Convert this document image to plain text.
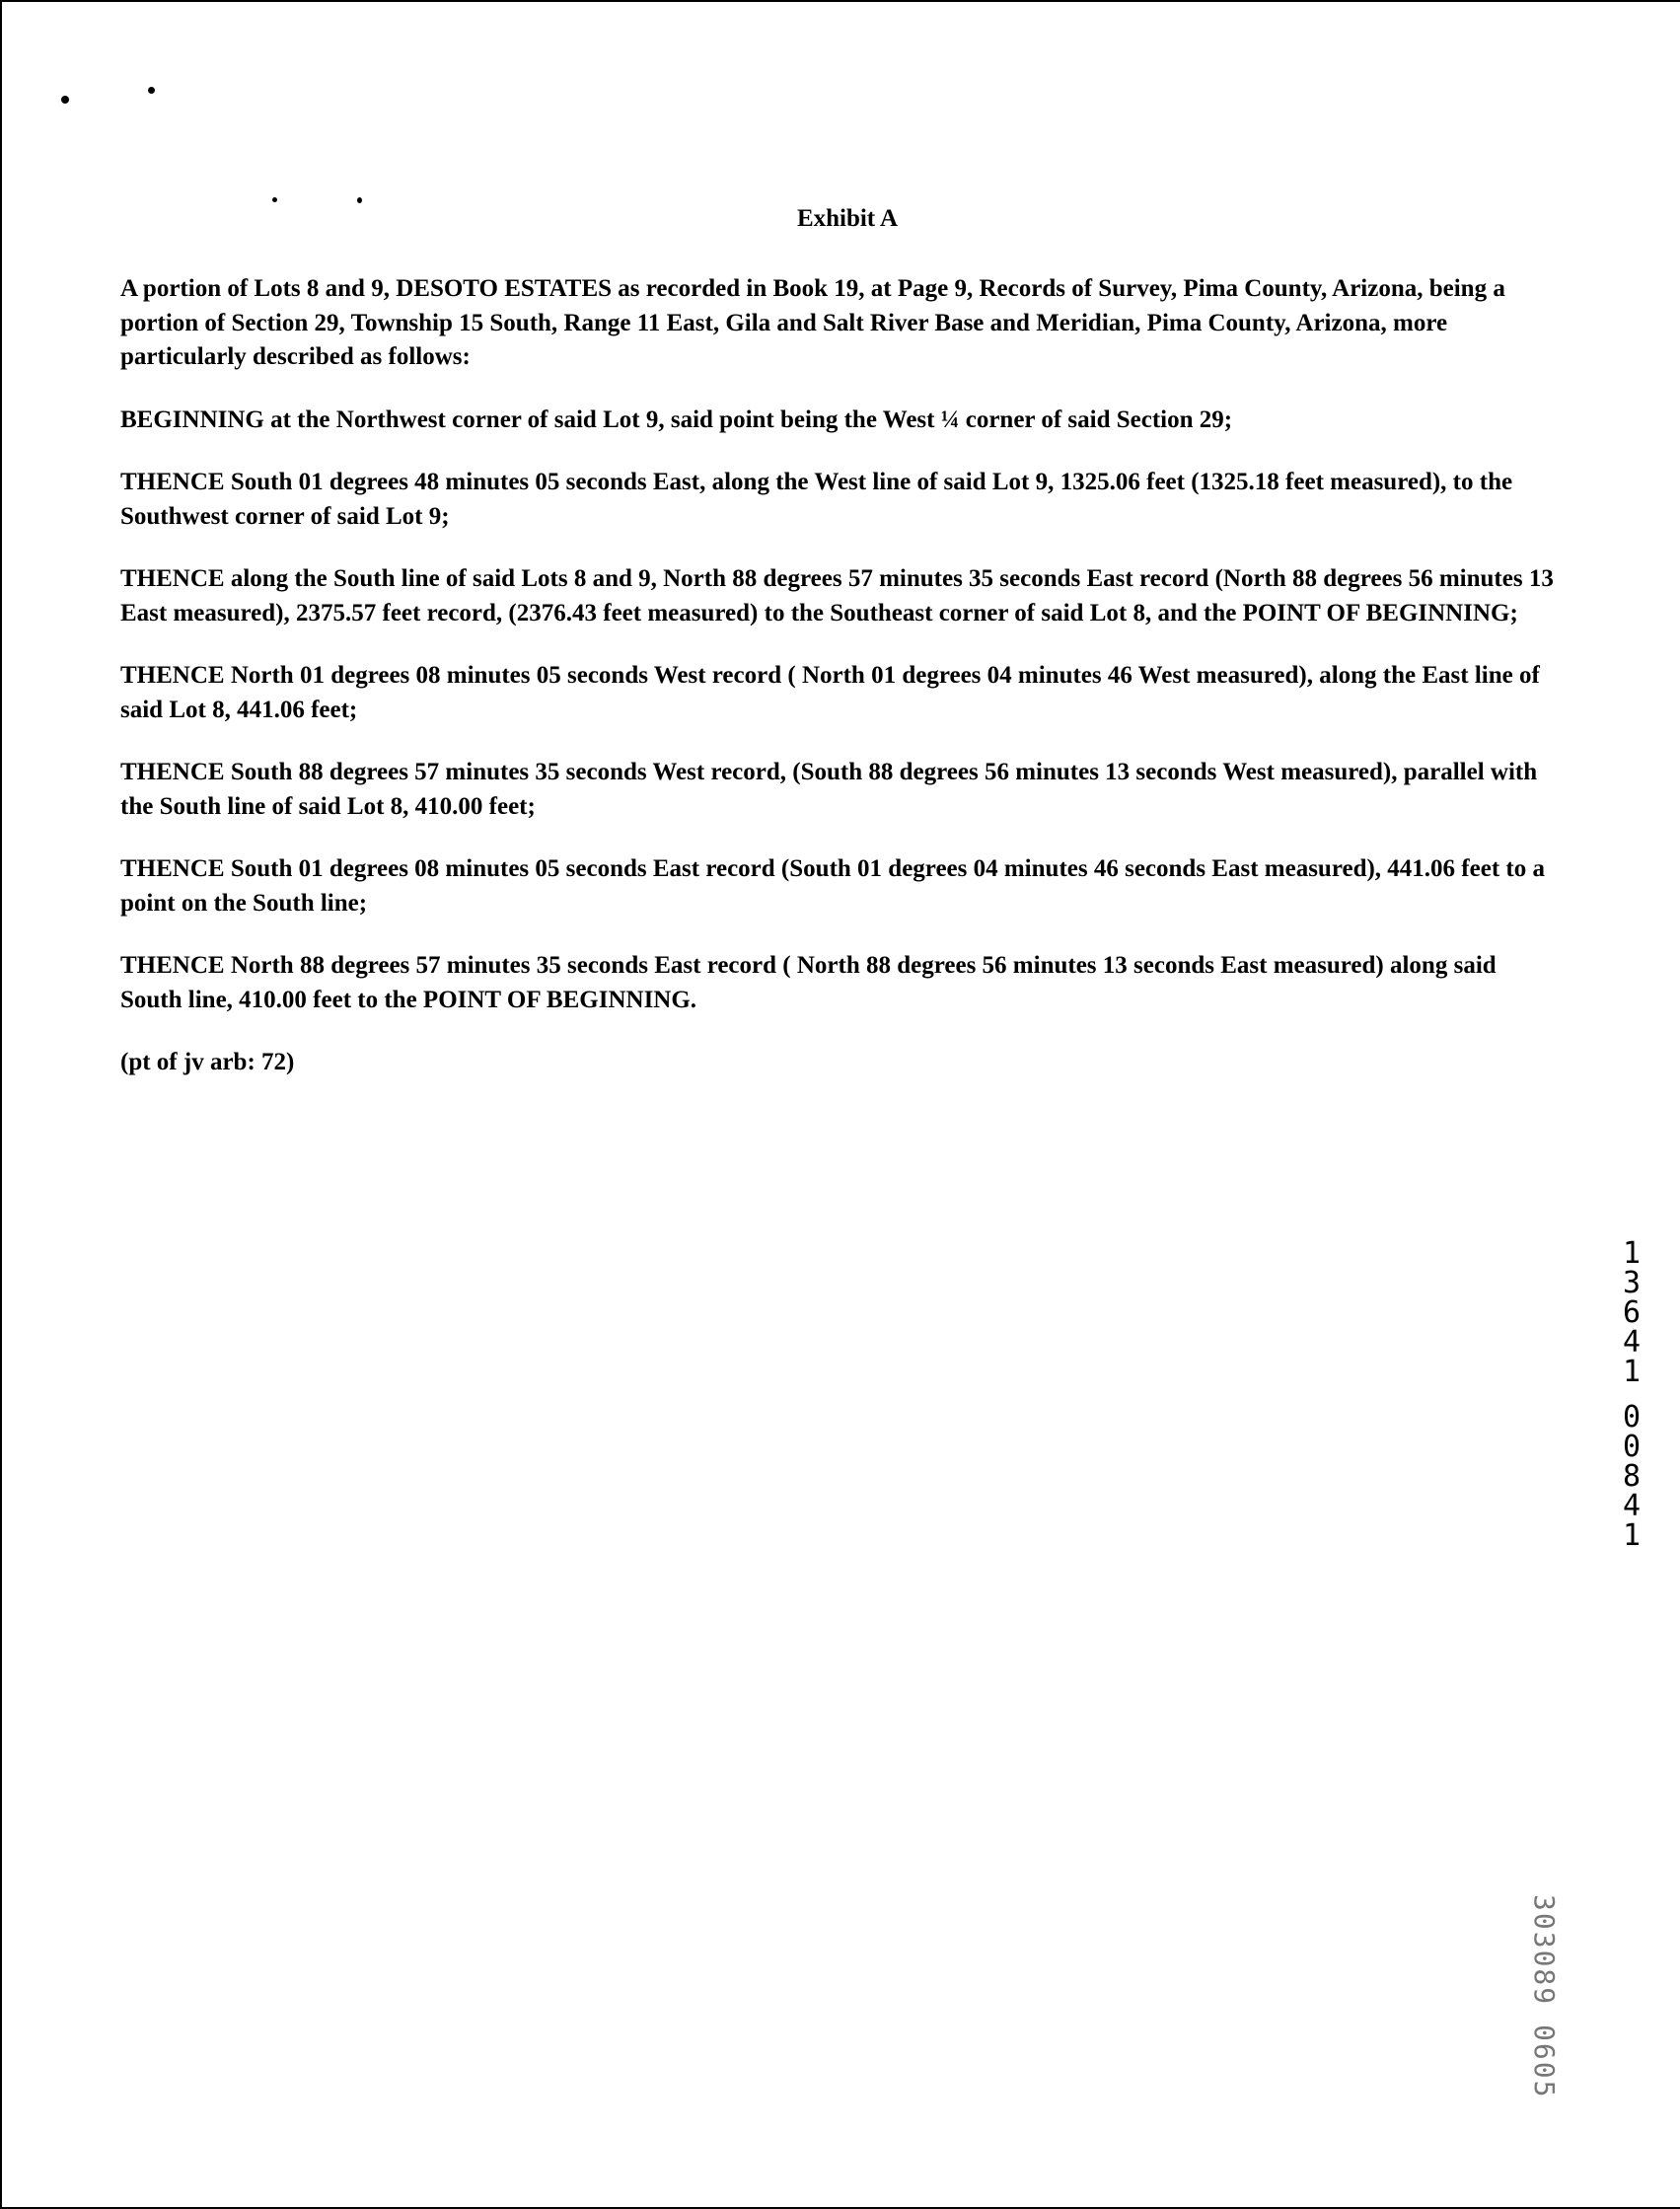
Exhibit A

A portion of Lots 8 and 9, DESOTO ESTATES as recorded in Book 19, at Page 9, Records of Survey, Pima County, Arizona, being a portion of Section 29, Township 15 South, Range 11 East, Gila and Salt River Base and Meridian, Pima County, Arizona, more particularly described as follows:

BEGINNING at the Northwest corner of said Lot 9, said point being the West ¼ corner of said Section 29;

THENCE South 01 degrees 48 minutes 05 seconds East, along the West line of said Lot 9, 1325.06 feet (1325.18 feet measured), to the Southwest corner of said Lot 9;

THENCE along the South line of said Lots 8 and 9, North 88 degrees 57 minutes 35 seconds East record (North 88 degrees 56 minutes 13 East measured), 2375.57 feet record, (2376.43 feet measured) to the Southeast corner of said Lot 8, and the POINT OF BEGINNING;

THENCE North 01 degrees 08 minutes 05 seconds West record ( North 01 degrees 04 minutes 46 West measured), along the East line of said Lot 8, 441.06 feet;

THENCE South 88 degrees 57 minutes 35 seconds West record, (South 88 degrees 56 minutes 13 seconds West measured), parallel with the South line of said Lot 8, 410.00 feet;

THENCE South 01 degrees 08 minutes 05 seconds East record (South 01 degrees 04 minutes 46 seconds East measured), 441.06 feet to a point on the South line;

THENCE North 88 degrees 57 minutes 35 seconds East record ( North 88 degrees 56 minutes 13 seconds East measured) along said South line, 410.00 feet to the POINT OF BEGINNING.

(pt of jv arb: 72)

1
3
6
4
1
0
0
8
4
1
303089 0605
